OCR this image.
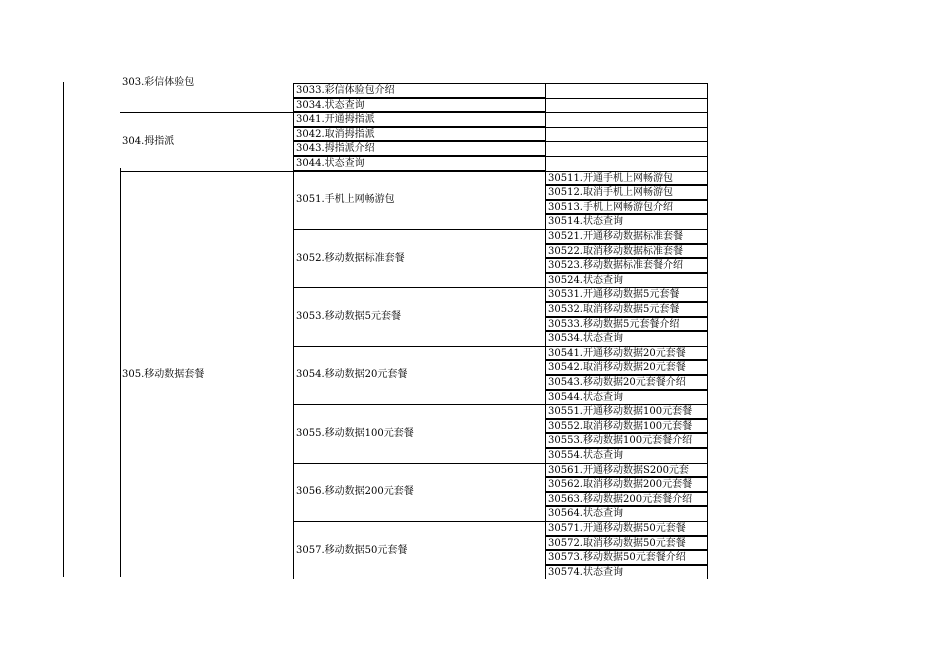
303.彩信体验包
3033.彩信体验包介绍
3034.状态查询
304.拇指派
3041.开通拇指派
3042.取消拇指派
3043.拇指派介绍
3044.状态查询
305.移动数据套餐
3051.手机上网畅游包
30511.开通手机上网畅游包
30512.取消手机上网畅游包
30513.手机上网畅游包介绍
30514.状态查询
3052.移动数据标准套餐
30521.开通移动数据标准套餐
30522.取消移动数据标准套餐
30523.移动数据标准套餐介绍
30524.状态查询
3053.移动数据5元套餐
30531.开通移动数据5元套餐
30532.取消移动数据5元套餐
30533.移动数据5元套餐介绍
30534.状态查询
3054.移动数据20元套餐
30541.开通移动数据20元套餐
30542.取消移动数据20元套餐
30543.移动数据20元套餐介绍
30544.状态查询
3055.移动数据100元套餐
30551.开通移动数据100元套餐
30552.取消移动数据100元套餐
30553.移动数据100元套餐介绍
30554.状态查询
3056.移动数据200元套餐
30561.开通移动数据S200元套
30562.取消移动数据200元套餐
30563.移动数据200元套餐介绍
30564.状态查询
3057.移动数据50元套餐
30571.开通移动数据50元套餐
30572.取消移动数据50元套餐
30573.移动数据50元套餐介绍
30574.状态查询
